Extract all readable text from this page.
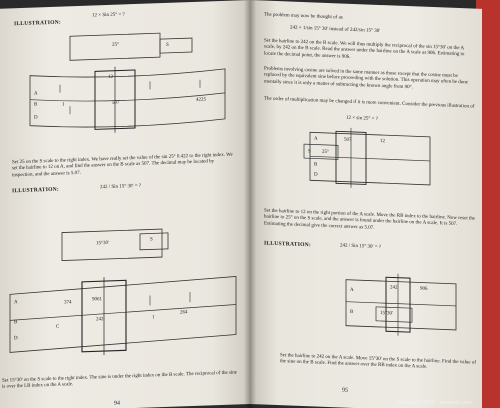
ILLUSTRATION:
12 × Sin 25° = ?
25°	S
12
507
4225
A
B
D
1
Set 25 on the S scale to the right index. We have really set the value of the sin 25° 0.422 to the right index. We set the hairline to 12 on A, and find the answer on the B scale as 507. The decimal may be located by inspection, and the answer is 5.07.
ILLUSTRATION:	242 / Sin 15° 30' = ?
15°30'
S
374
9061
242
264
A
B
D
C
1
Set 15°30' on the S scale to the right index. The sine is under the right index on the B scale. The reciprocal of the sine is over the LB index on the A scale.
94
The problem may now be thought of as
242 × 1/sin 15° 30' instead of 242/sin 15° 30'
Set the hairline to 242 on the B scale. We will thus multiply the reciprocal of the sin 15°30' on the A scale, by 242 on the B scale. Read the answer under the hairline on the A scale as 906. Estimating to locate the decimal point, the answer is 906.
Problems involving cosine are solved in the same manner as those except that the cosine must be replaced by the equivalent sine before proceeding with the solution. This operation may often be done mentally since it is only a matter of subtracting the known angle from 90°.
The order of multiplication may be changed if it is more convenient. Consider the previous illustration of
12 × sin 25° = ?
507	12
A
S
B
D
25°
Set the hairline to 12 on the right portion of the A scale. Move the RB index to the hairline. Now reset the hairline to 25° on the S scale, and the answer is found under the hairline on the A scale. It is 507. Estimating the decimal give the correct answer as 5.07.
ILLUSTRATION:	242 / Sin 15° 30' = ?
242	906
15°30'
A
B
Set the hairline to 242 on the A scale. Move 15°30' on the S scale to the hairline. Find the value of the sine on the B scale. Find the answer over the RB index on the A scale.
95
Copyright 2025 - maxsold.com
